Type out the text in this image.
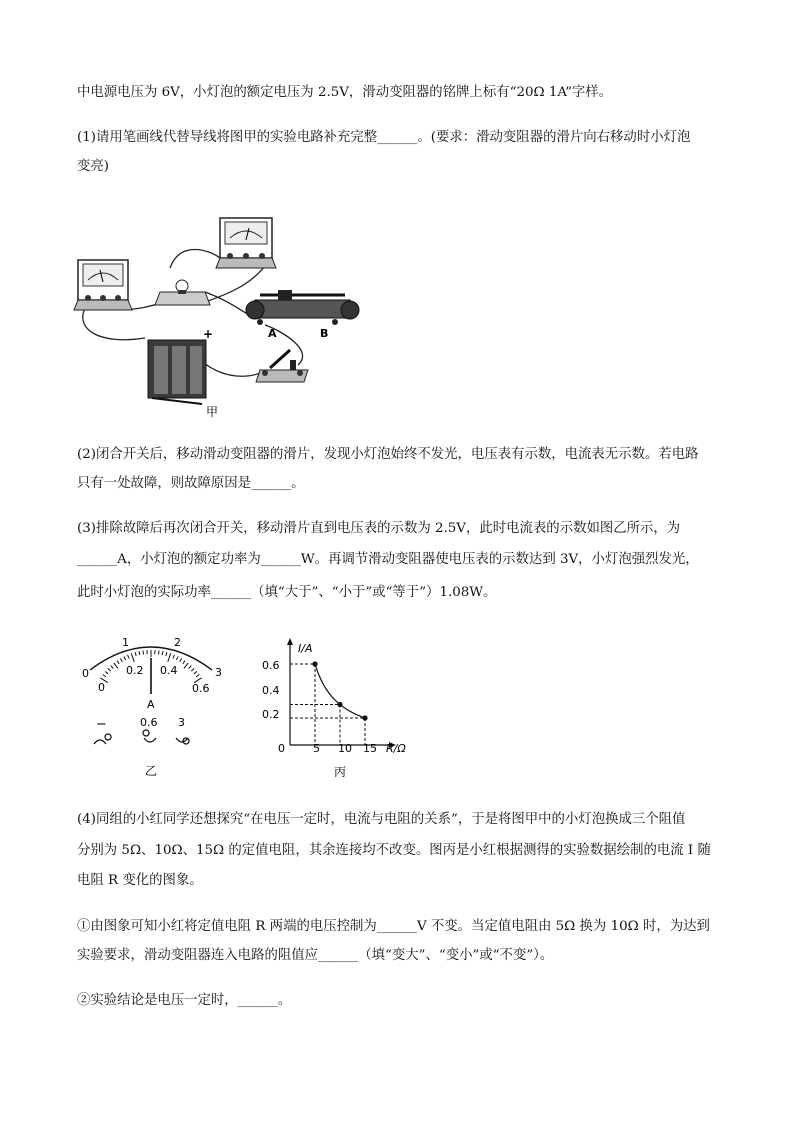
中电源电压为 6V，小灯泡的额定电压为 2.5V，滑动变阻器的铭牌上标有“20Ω 1A”字样。
(1)请用笔画线代替导线将图甲的实验电路补充完整______。(要求：滑动变阻器的滑片向右移动时小灯泡
变亮)
A	B
+
甲
(2)闭合开关后，移动滑动变阻器的滑片，发现小灯泡始终不发光，电压表有示数，电流表无示数。若电路
只有一处故障，则故障原因是______。
(3)排除故障后再次闭合开关，移动滑片直到电压表的示数为 2.5V，此时电流表的示数如图乙所示，为
______A，小灯泡的额定功率为______W。再调节滑动变阻器使电压表的示数达到 3V，小灯泡强烈发光，
此时小灯泡的实际功率______（填“大于”、“小于”或“等于”）1.08W。
0
1	2
3
0
0.2 0.4
0.6
A
−	0.6 3
乙
I/A
R/Ω
0
0.6
0.4
0.2
5 10 15
丙
(4)同组的小红同学还想探究“在电压一定时，电流与电阻的关系”，于是将图甲中的小灯泡换成三个阻值
分别为 5Ω、10Ω、15Ω 的定值电阻，其余连接均不改变。图丙是小红根据测得的实验数据绘制的电流 I 随
电阻 R 变化的图象。
①由图象可知小红将定值电阻 R 两端的电压控制为______V 不变。当定值电阻由 5Ω 换为 10Ω 时，为达到
实验要求，滑动变阻器连入电路的阻值应______（填“变大”、“变小”或“不变”）。
②实验结论是电压一定时，______。
